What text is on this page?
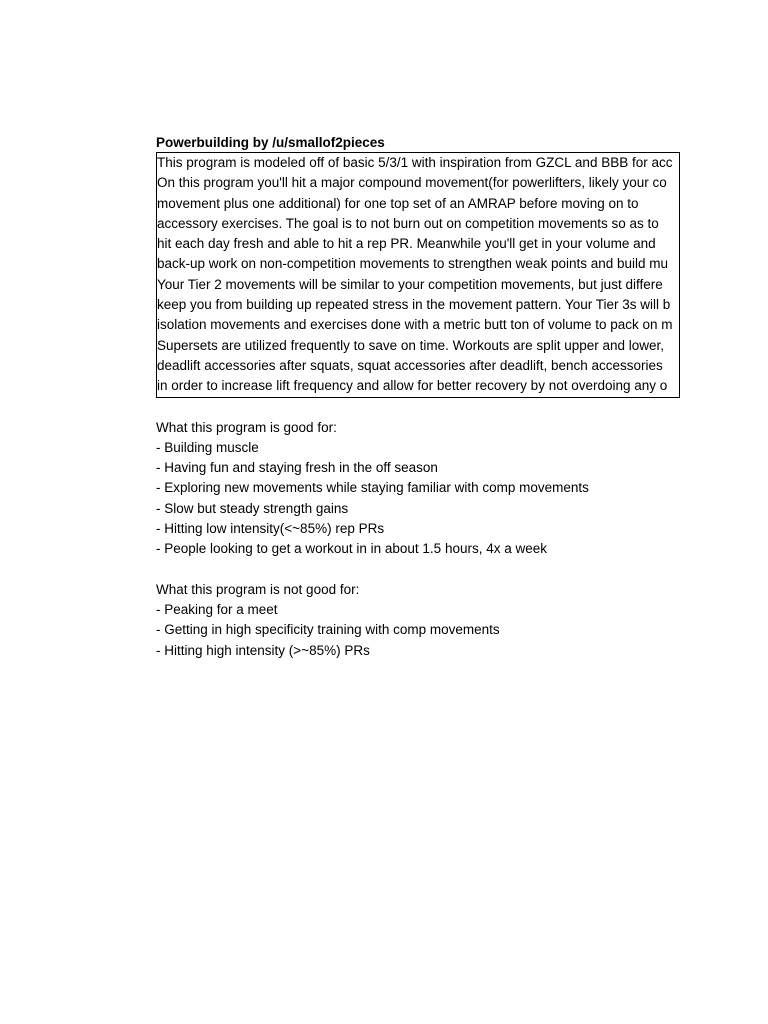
Powerbuilding by /u/smallof2pieces
This program is modeled off of basic 5/3/1 with inspiration from GZCL and BBB for acc
On this program you'll hit a major compound movement(for powerlifters, likely your co
movement plus one additional) for one top set of an AMRAP before moving on to
accessory exercises. The goal is to not burn out on competition movements so as to
hit each day fresh and able to hit a rep PR. Meanwhile you'll get in your volume and
back-up work on non-competition movements to strengthen weak points and build mu
Your Tier 2 movements will be similar to your competition movements, but just differe
keep you from building up repeated stress in the movement pattern. Your Tier 3s will b
isolation movements and exercises done with a metric butt ton of volume to pack on m
Supersets are utilized frequently to save on time. Workouts are split upper and lower,
deadlift accessories after squats, squat accessories after deadlift, bench accessories
in order to increase lift frequency and allow for better recovery by not overdoing any o
What this program is good for:
- Building muscle
- Having fun and staying fresh in the off season
- Exploring new movements while staying familiar with comp movements
- Slow but steady strength gains
- Hitting low intensity(<~85%) rep PRs
- People looking to get a workout in in about 1.5 hours, 4x a week
What this program is not good for:
- Peaking for a meet
- Getting in high specificity training with comp movements
- Hitting high intensity (>~85%) PRs
